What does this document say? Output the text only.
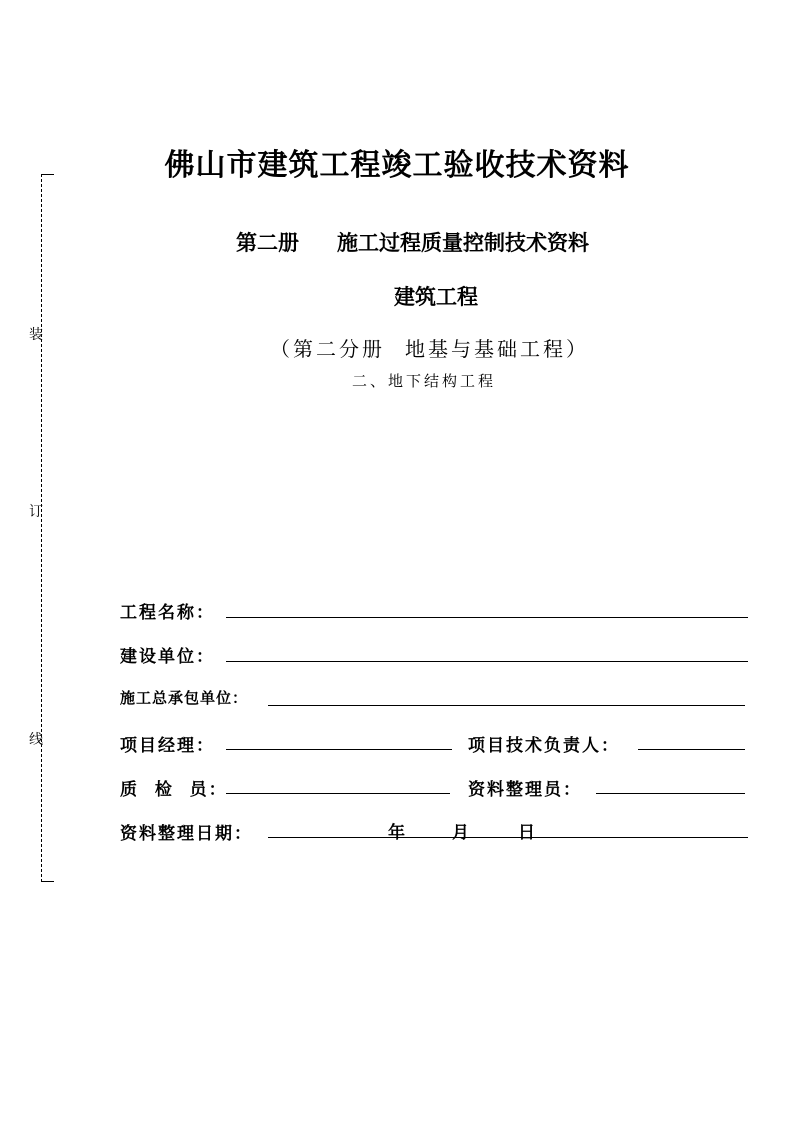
装
订
线
佛山市建筑工程竣工验收技术资料
第二册 施工过程质量控制技术资料
建筑工程
（第二分册 地基与基础工程）
二、地下结构工程
工程名称：
建设单位：
施工总承包单位：
项目经理：	项目技术负责人：
质  检  员：	资料整理员：
资料整理日期：	年	月	日
